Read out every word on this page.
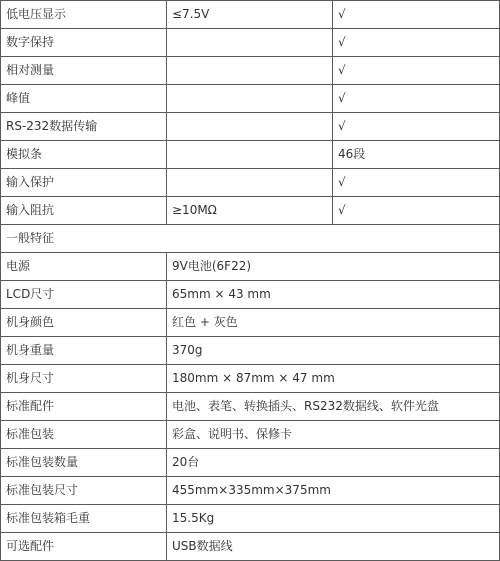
低电压显示	≤7.5V	√
数字保持		√
相对测量		√
峰值		√
RS-232数据传输		√
模拟条		46段
输入保护		√
输入阻抗	≥10MΩ	√
一般特征		
电源	9V电池(6F22)	
LCD尺寸	65mm × 43 mm	
机身颜色	红色 + 灰色	
机身重量	370g	
机身尺寸	180mm × 87mm × 47 mm	
标准配件	电池、表笔、转换插头、RS232数据线、软件光盘	
标准包装	彩盒、说明书、保修卡	
标准包装数量	20台	
标准包装尺寸	455mm×335mm×375mm	
标准包装箱毛重	15.5Kg	
可选配件	USB数据线	
